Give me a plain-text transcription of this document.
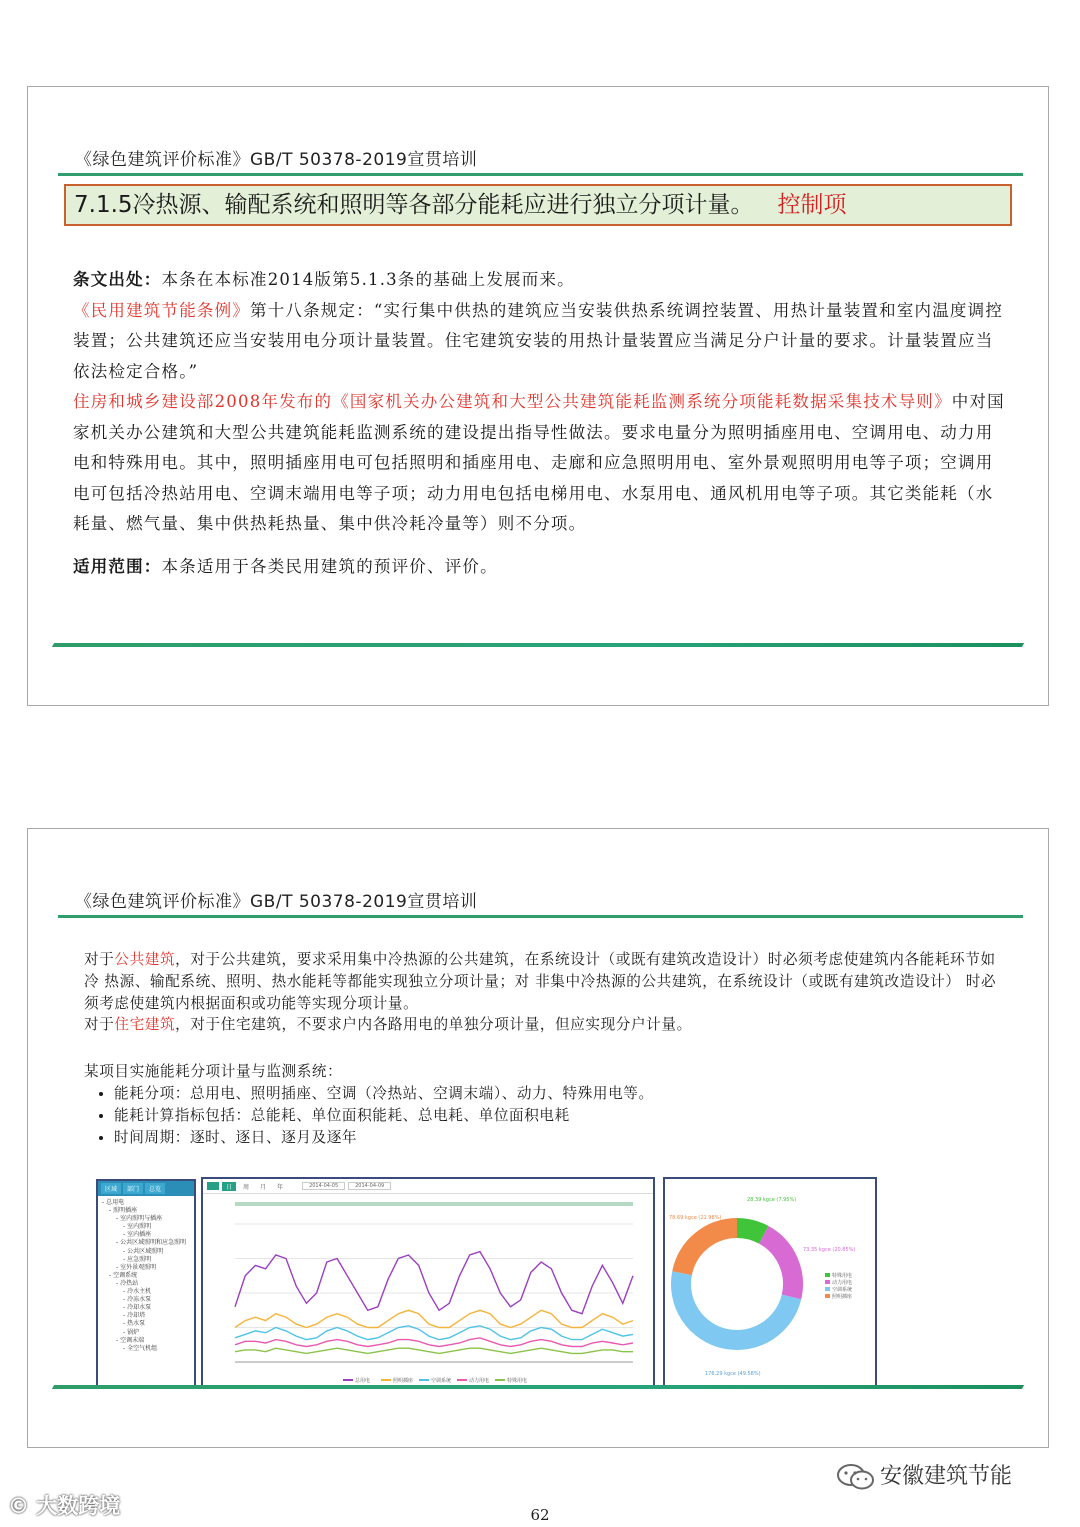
《绿色建筑评价标准》GB/T 50378-2019宣贯培训
7.1.5冷热源、输配系统和照明等各部分能耗应进行独立分项计量。 控制项

条文出处：本条在本标准2014版第5.1.3条的基础上发展而来。

《民用建筑节能条例》第十八条规定：“实行集中供热的建筑应当安装供热系统调控装置、用热计量装置和室内温度调控装置；公共建筑还应当安装用电分项计量装置。住宅建筑安装的用热计量装置应当满足分户计量的要求。计量装置应当依法检定合格。”

住房和城乡建设部2008年发布的《国家机关办公建筑和大型公共建筑能耗监测系统分项能耗数据采集技术导则》中对国家机关办公建筑和大型公共建筑能耗监测系统的建设提出指导性做法。要求电量分为照明插座用电、空调用电、动力用电和特殊用电。其中，照明插座用电可包括照明和插座用电、走廊和应急照明用电、室外景观照明用电等子项；空调用电可包括冷热站用电、空调末端用电等子项；动力用电包括电梯用电、水泵用电、通风机用电等子项。其它类能耗（水耗量、燃气量、集中供热耗热量、集中供冷耗冷量等）则不分项。

适用范围：本条适用于各类民用建筑的预评价、评价。

《绿色建筑评价标准》GB/T 50378-2019宣贯培训

对于公共建筑，对于公共建筑，要求采用集中冷热源的公共建筑，在系统设计（或既有建筑改造设计）时必须考虑使建筑内各能耗环节如冷 热源、输配系统、照明、热水能耗等都能实现独立分项计量；对 非集中冷热源的公共建筑，在系统设计（或既有建筑改造设计） 时必须考虑使建筑内根据面积或功能等实现分项计量。

对于住宅建筑，对于住宅建筑，不要求户内各路用电的单独分项计量，但应实现分户计量。

某项目实施能耗分项计量与监测系统：
• 能耗分项：总用电、照明插座、空调（冷热站、空调末端）、动力、特殊用电等。
• 能耗计算指标包括：总能耗、单位面积能耗、总电耗、单位面积电耗
• 时间周期：逐时、逐日、逐月及逐年
区域	部门	总览
- 总用电
- 照明插座
- 室内照明与插座
- 室内照明
- 室内插座
- 公共区域照明和应急照明
- 公共区域照明
- 应急照明
- 室外景观照明
- 空调系统
- 冷热站
- 冷水主机
- 冷冻水泵
- 冷却水泵
- 冷却塔
- 热水泵
- 锅炉
- 空调末端
- 全空气机组
日	周	月	年	2014-04-05	2014-04-09
总用电	照明插座	空调系统	动力用电	特殊用电
28.39 kgce (7.95%)
73.35 kgce (20.85%)
78.69 kgce (21.98%)
176.29 kgce (49.58%)
特殊用电
动力用电
空调系统
照明插座
安徽建筑节能
© 大数跨境	62
